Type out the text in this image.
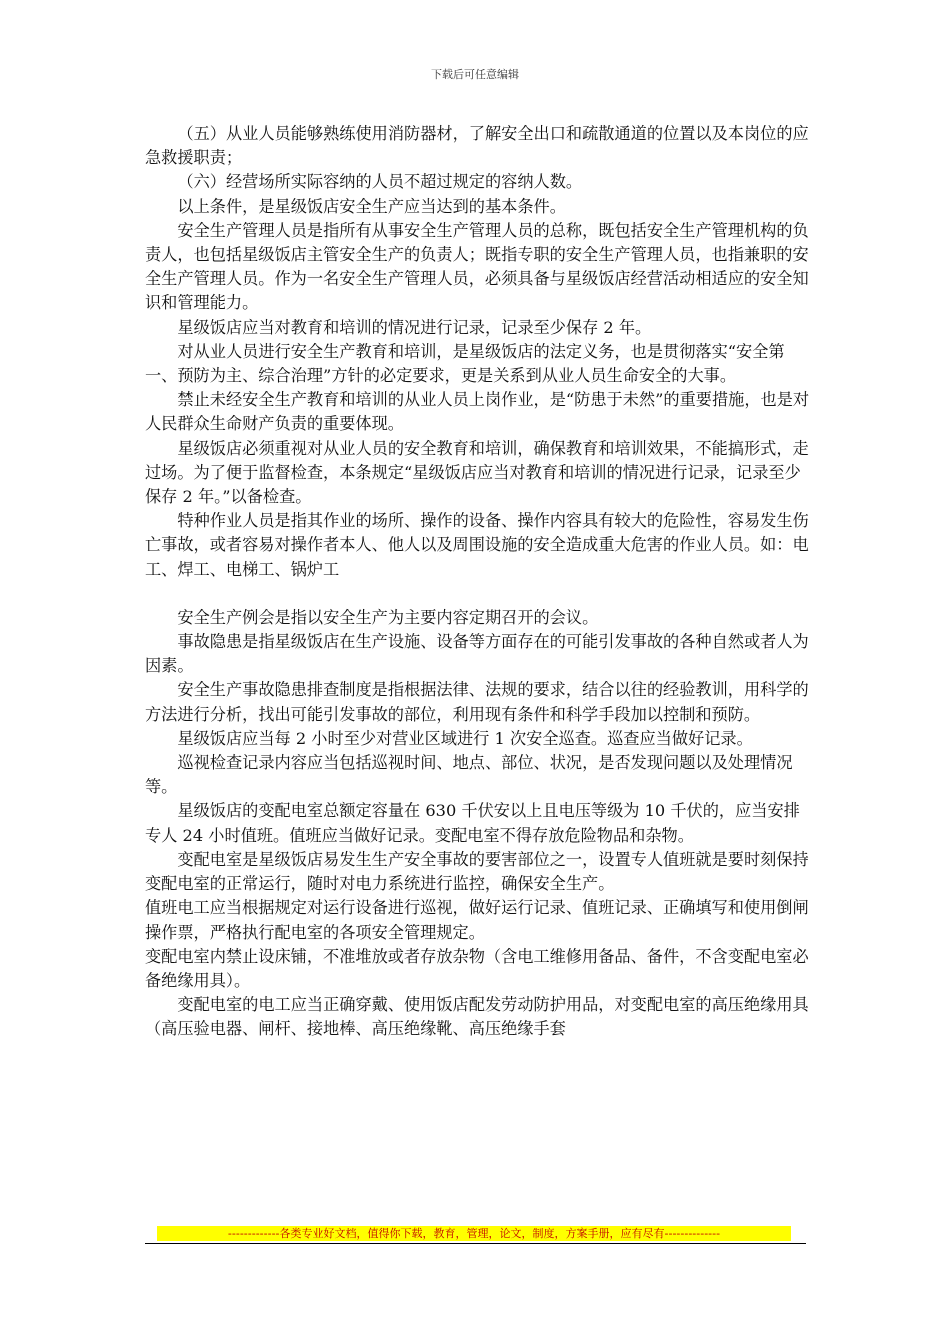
下载后可任意编辑

（五）从业人员能够熟练使用消防器材，了解安全出口和疏散通道的位置以及本岗位的应急救援职责；

（六）经营场所实际容纳的人员不超过规定的容纳人数。

以上条件，是星级饭店安全生产应当达到的基本条件。

安全生产管理人员是指所有从事安全生产管理人员的总称，既包括安全生产管理机构的负责人，也包括星级饭店主管安全生产的负责人；既指专职的安全生产管理人员，也指兼职的安全生产管理人员。作为一名安全生产管理人员，必须具备与星级饭店经营活动相适应的安全知识和管理能力。

星级饭店应当对教育和培训的情况进行记录，记录至少保存 2 年。

对从业人员进行安全生产教育和培训，是星级饭店的法定义务，也是贯彻落实“安全第一、预防为主、综合治理”方针的必定要求，更是关系到从业人员生命安全的大事。

禁止未经安全生产教育和培训的从业人员上岗作业，是“防患于未然”的重要措施，也是对人民群众生命财产负责的重要体现。

星级饭店必须重视对从业人员的安全教育和培训，确保教育和培训效果，不能搞形式，走过场。为了便于监督检查，本条规定“星级饭店应当对教育和培训的情况进行记录，记录至少保存 2 年。”以备检查。

特种作业人员是指其作业的场所、操作的设备、操作内容具有较大的危险性，容易发生伤亡事故，或者容易对操作者本人、他人以及周围设施的安全造成重大危害的作业人员。如：电工、焊工、电梯工、锅炉工

安全生产例会是指以安全生产为主要内容定期召开的会议。

事故隐患是指星级饭店在生产设施、设备等方面存在的可能引发事故的各种自然或者人为因素。

安全生产事故隐患排查制度是指根据法律、法规的要求，结合以往的经验教训，用科学的方法进行分析，找出可能引发事故的部位，利用现有条件和科学手段加以控制和预防。

星级饭店应当每 2 小时至少对营业区域进行 1 次安全巡查。巡查应当做好记录。

巡视检查记录内容应当包括巡视时间、地点、部位、状况，是否发现问题以及处理情况等。

星级饭店的变配电室总额定容量在 630 千伏安以上且电压等级为 10 千伏的，应当安排专人 24 小时值班。值班应当做好记录。变配电室不得存放危险物品和杂物。

变配电室是星级饭店易发生生产安全事故的要害部位之一，设置专人值班就是要时刻保持变配电室的正常运行，随时对电力系统进行监控，确保安全生产。

值班电工应当根据规定对运行设备进行巡视，做好运行记录、值班记录、正确填写和使用倒闸操作票，严格执行配电室的各项安全管理规定。

变配电室内禁止设床铺，不准堆放或者存放杂物（含电工维修用备品、备件，不含变配电室必备绝缘用具）。

变配电室的电工应当正确穿戴、使用饭店配发劳动防护用品，对变配电室的高压绝缘用具（高压验电器、闸杆、接地棒、高压绝缘靴、高压绝缘手套

-------------各类专业好文档，值得你下载，教育，管理，论文，制度，方案手册，应有尽有--------------
